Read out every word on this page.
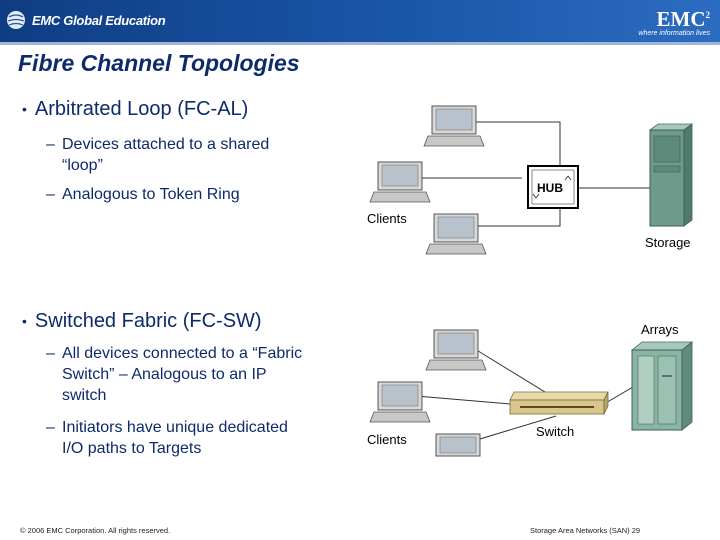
EMC Global Education	EMC$^2$
where information lives
Fibre Channel Topologies
• Arbitrated Loop (FC-AL)
– Devices attached to a shared
“loop”
– Analogous to Token Ring	HUB
Clients
Storage
• Switched Fabric (FC-SW)
– All devices connected to a “Fabric
Switch” – Analogous to an IP
switch
– Initiators have unique dedicated
I/O paths to Targets
Arrays
Clients
Switch
© 2006 EMC Corporation. All rights reserved.	Storage Area Networks (SAN) 29
